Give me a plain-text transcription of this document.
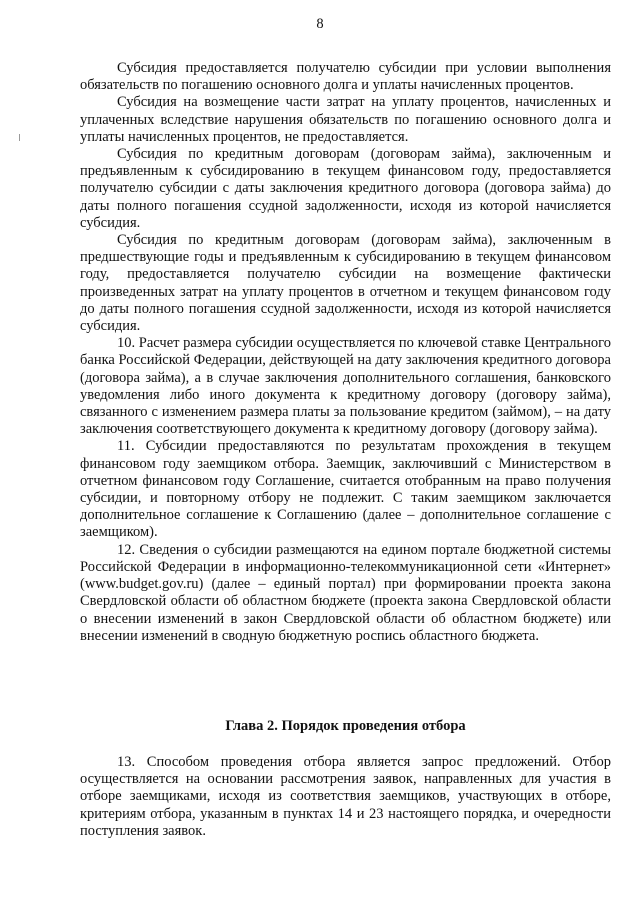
8

Субсидия предоставляется получателю субсидии при условии выполнения обязательств по погашению основного долга и уплаты начисленных процентов.

Субсидия на возмещение части затрат на уплату процентов, начисленных и уплаченных вследствие нарушения обязательств по погашению основного долга и уплаты начисленных процентов, не предоставляется.

Субсидия по кредитным договорам (договорам займа), заключенным и предъявленным к субсидированию в текущем финансовом году, предоставляется получателю субсидии с даты заключения кредитного договора (договора займа) до даты полного погашения ссудной задолженности, исходя из которой начисляется субсидия.

Субсидия по кредитным договорам (договорам займа), заключенным в предшествующие годы и предъявленным к субсидированию в текущем финансовом году, предоставляется получателю субсидии на возмещение фактически произведенных затрат на уплату процентов в отчетном и текущем финансовом году до даты полного погашения ссудной задолженности, исходя из которой начисляется субсидия.

10. Расчет размера субсидии осуществляется по ключевой ставке Центрального банка Российской Федерации, действующей на дату заключения кредитного договора (договора займа), а в случае заключения дополнительного соглашения, банковского уведомления либо иного документа к кредитному договору (договору займа), связанного с изменением размера платы за пользование кредитом (займом), – на дату заключения соответствующего документа к кредитному договору (договору займа).

11. Субсидии предоставляются по результатам прохождения в текущем финансовом году заемщиком отбора. Заемщик, заключивший с Министерством в отчетном финансовом году Соглашение, считается отобранным на право получения субсидии, и повторному отбору не подлежит. С таким заемщиком заключается дополнительное соглашение к Соглашению (далее – дополнительное соглашение с заемщиком).

12. Сведения о субсидии размещаются на едином портале бюджетной системы Российской Федерации в информационно-телекоммуникационной сети «Интернет» (www.budget.gov.ru) (далее – единый портал) при формировании проекта закона Свердловской области об областном бюджете (проекта закона Свердловской области о внесении изменений в закон Свердловской области об областном бюджете) или внесении изменений в сводную бюджетную роспись областного бюджета.

Глава 2. Порядок проведения отбора

13. Способом проведения отбора является запрос предложений. Отбор осуществляется на основании рассмотрения заявок, направленных для участия в отборе заемщиками, исходя из соответствия заемщиков, участвующих в отборе, критериям отбора, указанным в пунктах 14 и 23 настоящего порядка, и очередности поступления заявок.
